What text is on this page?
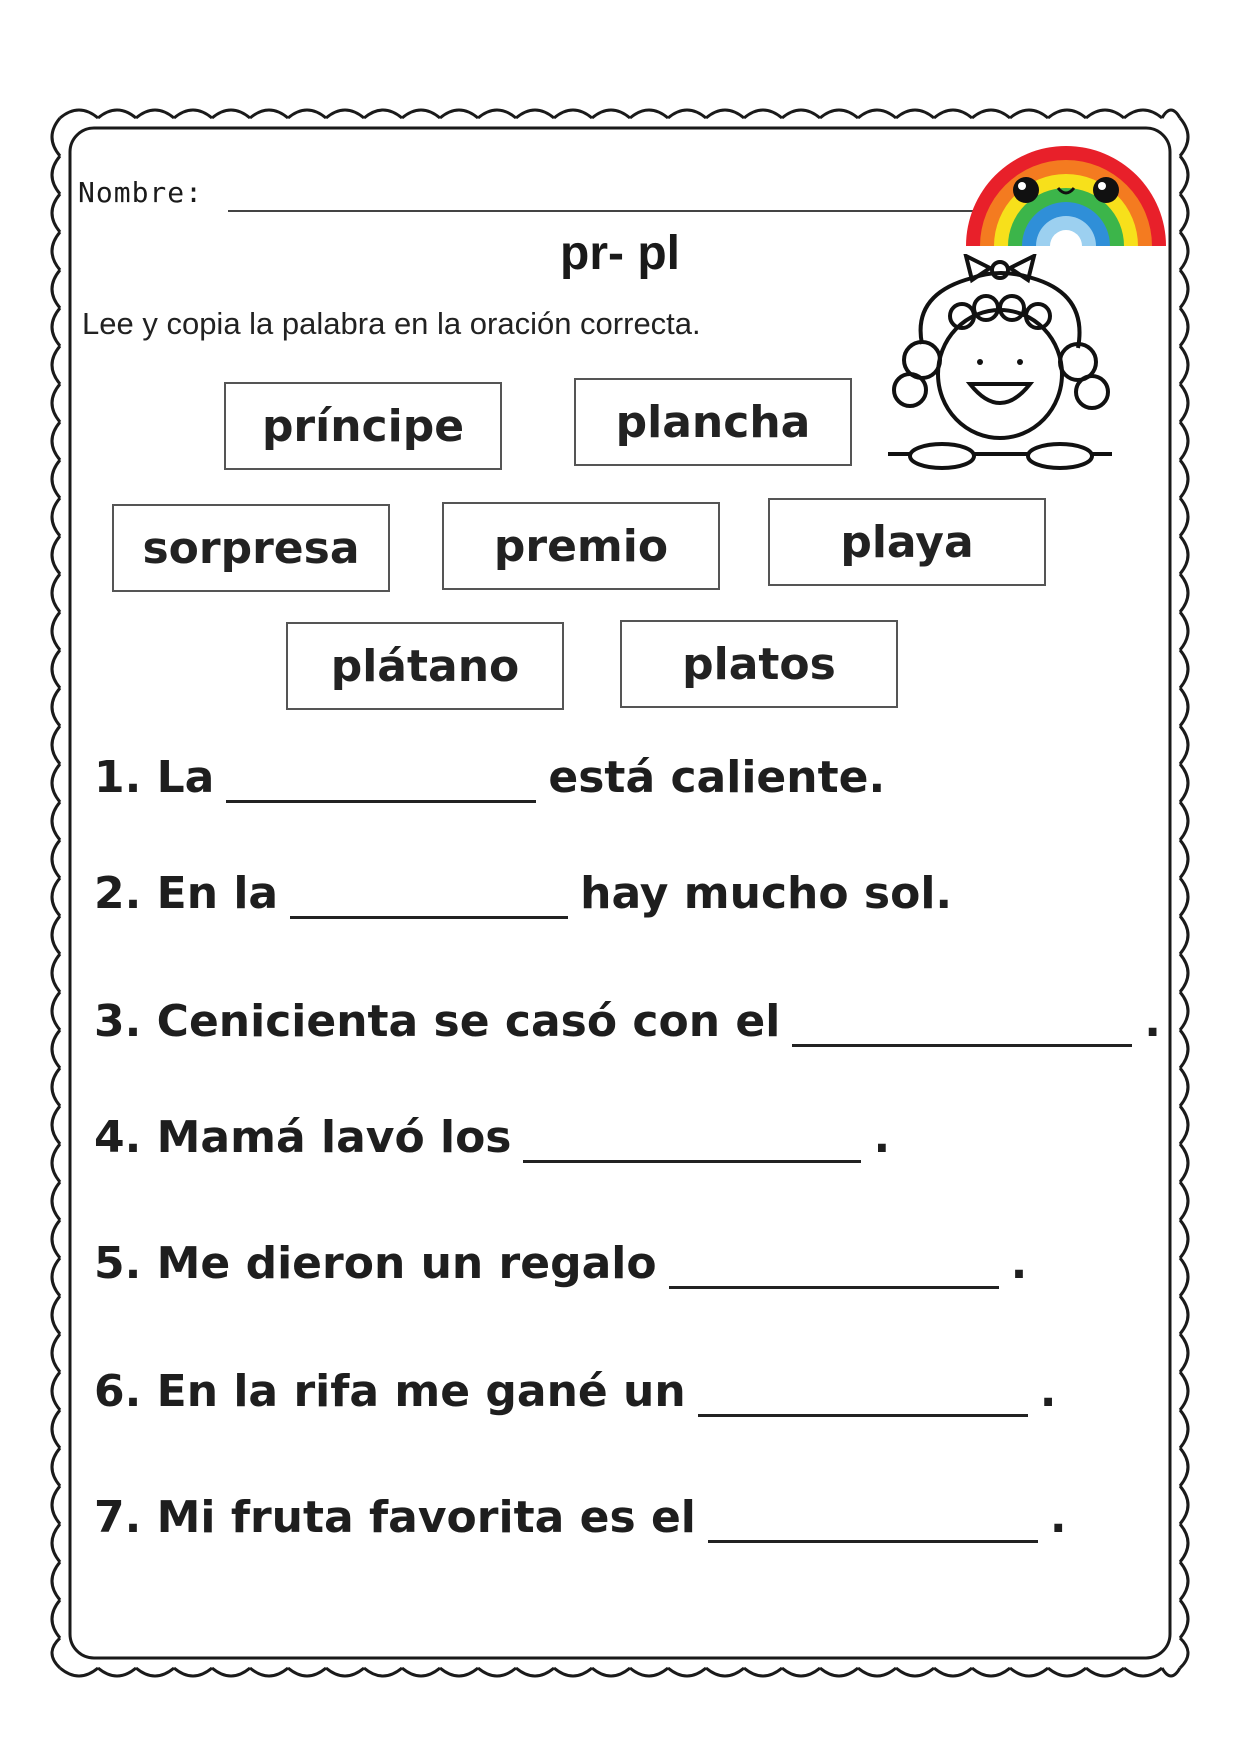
Nombre:
pr- pl
Lee y copia la palabra en la oración correcta.
príncipe	plancha
sorpresa	premio	playa
plátano	platos
1. La	está caliente.
2. En la	hay mucho sol.
3. Cenicienta se casó con el	.
4. Mamá lavó los	.
5. Me dieron un regalo	.
6. En la rifa me gané un	.
7. Mi fruta favorita es el	.
